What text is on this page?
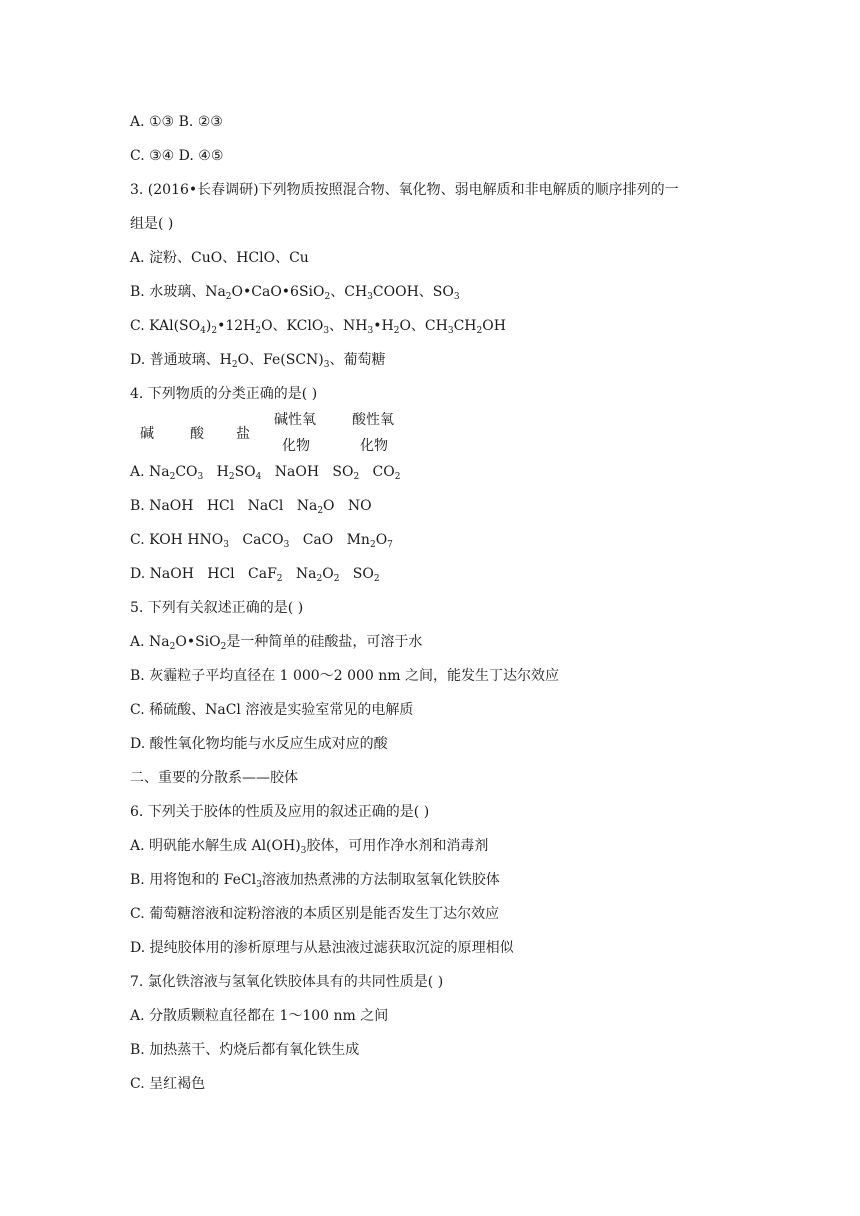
A. ①③ B. ②③
C. ③④ D. ④⑤
3. (2016•长春调研)下列物质按照混合物、氧化物、弱电解质和非电解质的顺序排列的一
组是( )
A. 淀粉、CuO、HClO、Cu
B. 水玻璃、$Na_2O•CaO•6SiO_2$、$CH_3COOH$、$SO_3$
C. $KAl(SO_4)_2•12H_2O$、KClO$_3$、$NH_3•H_2O$、$CH_3CH_2OH$
D. 普通玻璃、$H_2O$、$Fe(SCN)_3$、葡萄糖
4. 下列物质的分类正确的是( )
碱	酸 盐
碱性氧
化物
酸性氧
化物
A. $Na_2CO_3$   $H_2SO_4$   NaOH   $SO_2$   $CO_2$
B. NaOH   HCl   NaCl   $Na_2O$   NO
C. KOH $HNO_3$   CaCO$_3$   CaO   $Mn_2O_7$
D. NaOH   HCl   CaF$_2$   $Na_2O_2$   $SO_2$
5. 下列有关叙述正确的是( )
A. $Na_2O•SiO_2$是一种简单的硅酸盐，可溶于水
B. 灰霾粒子平均直径在 1 000～2 000 nm 之间，能发生丁达尔效应
C. 稀硫酸、NaCl 溶液是实验室常见的电解质
D. 酸性氧化物均能与水反应生成对应的酸
二、重要的分散系——胶体
6. 下列关于胶体的性质及应用的叙述正确的是( )
A. 明矾能水解生成 $Al(OH)_3$胶体，可用作净水剂和消毒剂
B. 用将饱和的 FeCl$_3$溶液加热煮沸的方法制取氢氧化铁胶体
C. 葡萄糖溶液和淀粉溶液的本质区别是能否发生丁达尔效应
D. 提纯胶体用的渗析原理与从悬浊液过滤获取沉淀的原理相似
7. 氯化铁溶液与氢氧化铁胶体具有的共同性质是( )
A. 分散质颗粒直径都在 1～100 nm 之间
B. 加热蒸干、灼烧后都有氧化铁生成
C. 呈红褐色
